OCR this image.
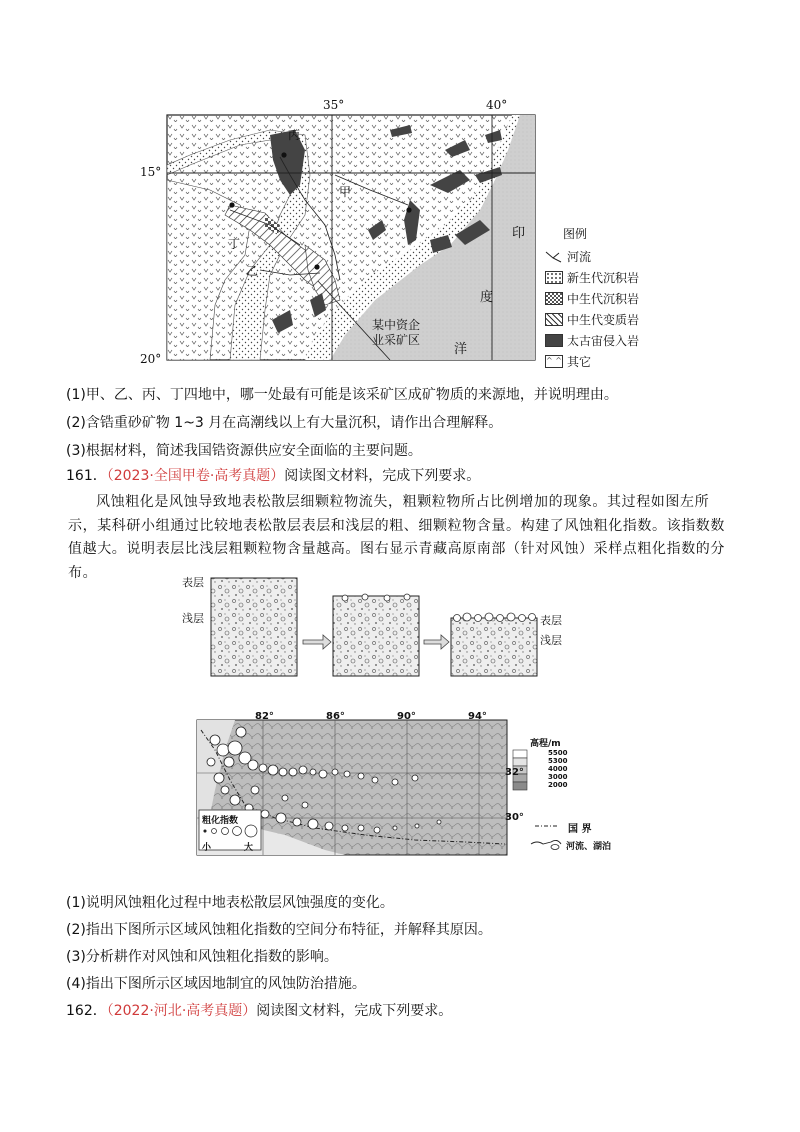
35°	40°
15°
20°
丙
甲
丁
乙
印
度
洋
某中资企
业采矿区
图例
河流
新生代沉积岩
中生代沉积岩
中生代变质岩
太古宙侵入岩
^ ^ 其它
(1)甲、乙、丙、丁四地中，哪一处最有可能是该采矿区成矿物质的来源地，并说明理由。
(2)含锆重砂矿物 1~3 月在高潮线以上有大量沉积，请作出合理解释。
(3)根据材料，简述我国锆资源供应安全面临的主要问题。
161．（2023·全国甲卷·高考真题）阅读图文材料，完成下列要求。
风蚀粗化是风蚀导致地表松散层细颗粒物流失，粗颗粒物所占比例增加的现象。其过程如图左所示，某科研小组通过比较地表松散层表层和浅层的粗、细颗粒物含量。构建了风蚀粗化指数。该指数数值越大。说明表层比浅层粗颗粒物含量越高。图右显示青藏高原南部（针对风蚀）采样点粗化指数的分布。
表层
浅层	表层
浅层
82°	86°	90°	94°
32°
30°
高程/m
5500
5300
4000
3000
2000
粗化指数
小	大
国 界
河流、湖泊
(1)说明风蚀粗化过程中地表松散层风蚀强度的变化。
(2)指出下图所示区域风蚀粗化指数的空间分布特征，并解释其原因。
(3)分析耕作对风蚀和风蚀粗化指数的影响。
(4)指出下图所示区域因地制宜的风蚀防治措施。
162．（2022·河北·高考真题）阅读图文材料，完成下列要求。
